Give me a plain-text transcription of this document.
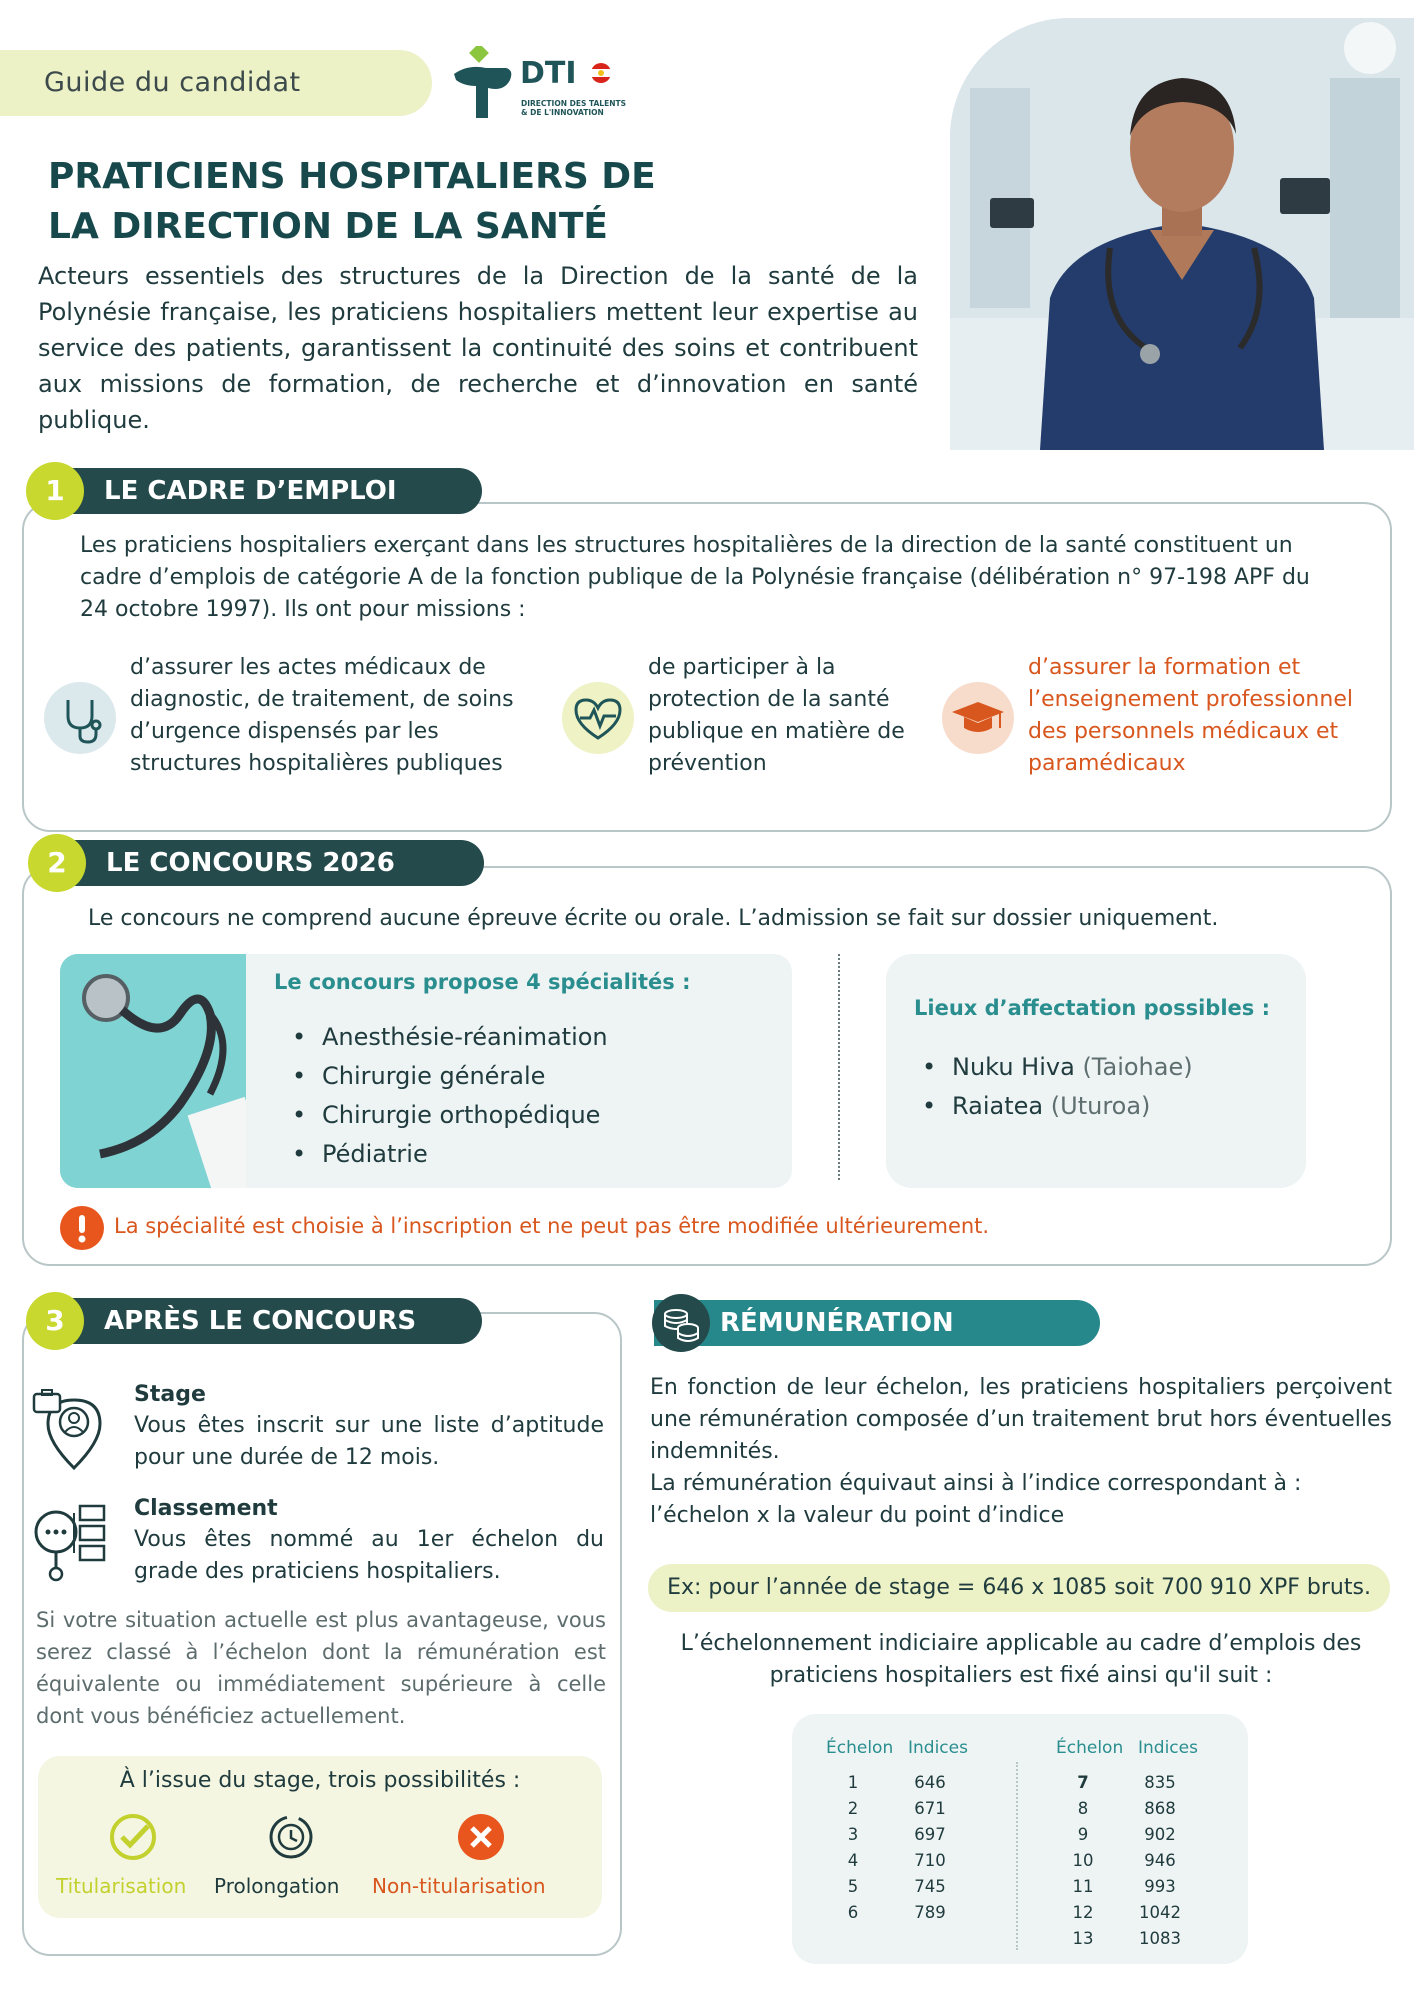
Guide du candidat	DTI
DIRECTION DES TALENTS
& DE L'INNOVATION
PRATICIENS HOSPITALIERS DE
LA DIRECTION DE LA SANTÉ
Acteurs essentiels des structures de la Direction de la santé de la Polynésie française, les praticiens hospitaliers mettent leur expertise au service des patients, garantissent la continuité des soins et contribuent aux missions de formation, de recherche et d’innovation en santé publique.
1	LE CADRE D’EMPLOI
Les praticiens hospitaliers exerçant dans les structures hospitalières de la direction de la santé constituent un cadre d’emplois de catégorie A de la fonction publique de la Polynésie française (délibération n° 97-198 APF du 24 octobre 1997). Ils ont pour missions :
d’assurer les actes médicaux de diagnostic, de traitement, de soins d’urgence dispensés par les structures hospitalières publiques
de participer à la protection de la santé publique en matière de prévention
d’assurer la formation et l’enseignement professionnel des personnels médicaux et paramédicaux
2	LE CONCOURS 2026
Le concours ne comprend aucune épreuve écrite ou orale. L’admission se fait sur dossier uniquement.
Le concours propose 4 spécialités :
• Anesthésie-réanimation
• Chirurgie générale
• Chirurgie orthopédique
• Pédiatrie
Lieux d’affectation possibles :
• Nuku Hiva (Taiohae)
• Raiatea (Uturoa)
La spécialité est choisie à l’inscription et ne peut pas être modifiée ultérieurement.
3	APRÈS LE CONCOURS
Stage
Vous êtes inscrit sur une liste d’aptitude pour une durée de 12 mois.
Classement
Vous êtes nommé au 1er échelon du grade des praticiens hospitaliers.
Si votre situation actuelle est plus avantageuse, vous serez classé à l’échelon dont la rémunération est équivalente ou immédiatement supérieure à celle dont vous bénéficiez actuellement.
À l’issue du stage, trois possibilités :
Titularisation Prolongation Non-titularisation
RÉMUNÉRATION
En fonction de leur échelon, les praticiens hospitaliers perçoivent une rémunération composée d’un traitement brut hors éventuelles indemnités.
La rémunération équivaut ainsi à l’indice correspondant à : l’échelon x la valeur du point d’indice
Ex: pour l’année de stage = 646 x 1085 soit 700 910 XPF bruts.
L’échelonnement indiciaire applicable au cadre d’emplois des praticiens hospitaliers est fixé ainsi qu'il suit :
Échelon Indices	Échelon Indices
1	646
2	671
3	697
4	710
5	745
6	789
7	835
8	868
9	902
10	946
11	993
12	1042
13	1083
